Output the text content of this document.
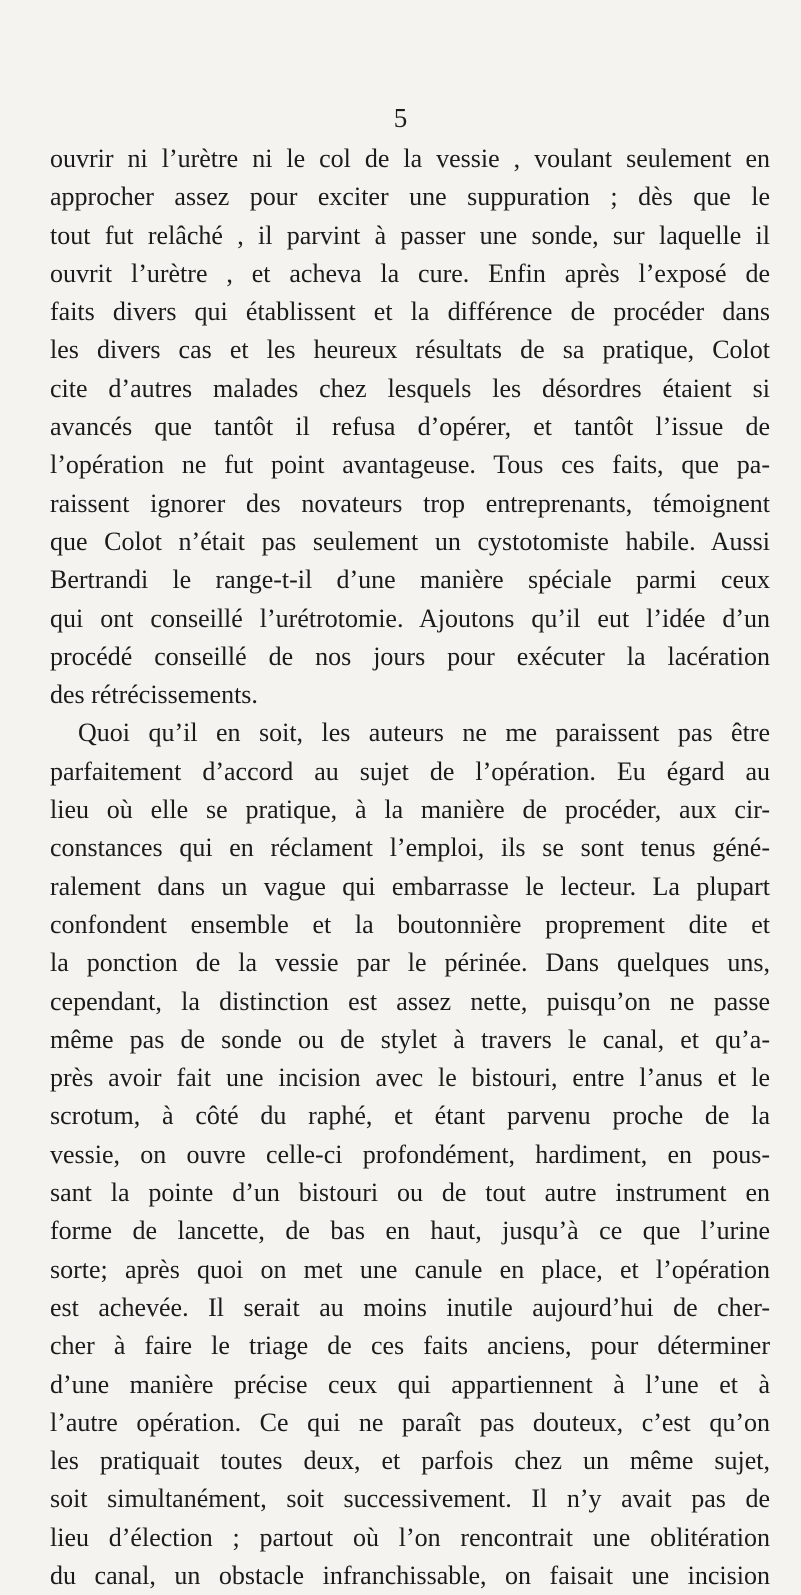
5
ouvrir ni l’urètre ni le col de la vessie , voulant seulement en
approcher assez pour exciter une suppuration ; dès que le
tout fut relâché , il parvint à passer une sonde, sur laquelle il
ouvrit l’urètre , et acheva la cure. Enfin après l’exposé de
faits divers qui établissent et la différence de procéder dans
les divers cas et les heureux résultats de sa pratique, Colot
cite d’autres malades chez lesquels les désordres étaient si
avancés que tantôt il refusa d’opérer, et tantôt l’issue de
l’opération ne fut point avantageuse. Tous ces faits, que pa-
raissent ignorer des novateurs trop entreprenants, témoignent
que Colot n’était pas seulement un cystotomiste habile. Aussi
Bertrandi le range-t-il d’une manière spéciale parmi ceux
qui ont conseillé l’urétrotomie. Ajoutons qu’il eut l’idée d’un
procédé conseillé de nos jours pour exécuter la lacération
des rétrécissements.
Quoi qu’il en soit, les auteurs ne me paraissent pas être
parfaitement d’accord au sujet de l’opération. Eu égard au
lieu où elle se pratique, à la manière de procéder, aux cir-
constances qui en réclament l’emploi, ils se sont tenus géné-
ralement dans un vague qui embarrasse le lecteur. La plupart
confondent ensemble et la boutonnière proprement dite et
la ponction de la vessie par le périnée. Dans quelques uns,
cependant, la distinction est assez nette, puisqu’on ne passe
même pas de sonde ou de stylet à travers le canal, et qu’a-
près avoir fait une incision avec le bistouri, entre l’anus et le
scrotum, à côté du raphé, et étant parvenu proche de la
vessie, on ouvre celle-ci profondément, hardiment, en pous-
sant la pointe d’un bistouri ou de tout autre instrument en
forme de lancette, de bas en haut, jusqu’à ce que l’urine
sorte; après quoi on met une canule en place, et l’opération
est achevée. Il serait au moins inutile aujourd’hui de cher-
cher à faire le triage de ces faits anciens, pour déterminer
d’une manière précise ceux qui appartiennent à l’une et à
l’autre opération. Ce qui ne paraît pas douteux, c’est qu’on
les pratiquait toutes deux, et parfois chez un même sujet,
soit simultanément, soit successivement. Il n’y avait pas de
lieu d’élection ; partout où l’on rencontrait une oblitération
du canal, un obstacle infranchissable, on faisait une incision
